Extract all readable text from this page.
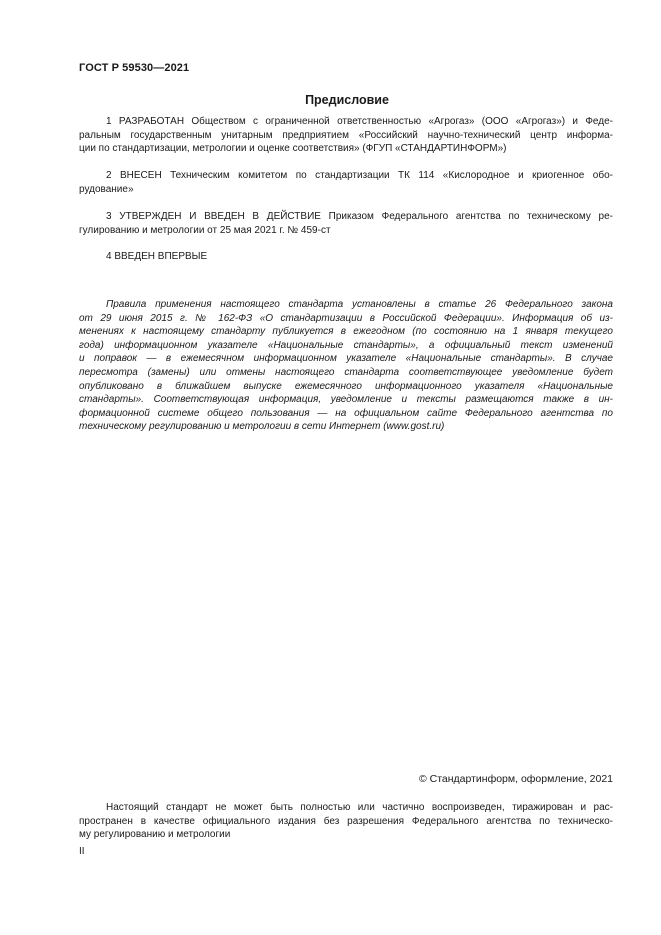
ГОСТ Р 59530—2021
Предисловие
1 РАЗРАБОТАН Обществом с ограниченной ответственностью «Агрогаз» (ООО «Агрогаз») и Феде-
ральным государственным унитарным предприятием «Российский научно-технический центр информа-
ции по стандартизации, метрологии и оценке соответствия» (ФГУП «СТАНДАРТИНФОРМ»)
2 ВНЕСЕН Техническим комитетом по стандартизации ТК 114 «Кислородное и криогенное обо-
рудование»
3 УТВЕРЖДЕН И ВВЕДЕН В ДЕЙСТВИЕ Приказом Федерального агентства по техническому ре-
гулированию и метрологии от 25 мая 2021 г. № 459-ст
4 ВВЕДЕН ВПЕРВЫЕ
Правила применения настоящего стандарта установлены в статье 26 Федерального закона
от 29 июня 2015 г. № 162-ФЗ «О стандартизации в Российской Федерации». Информация об из-
менениях к настоящему стандарту публикуется в ежегодном (по состоянию на 1 января текущего
года) информационном указателе «Национальные стандарты», а официальный текст изменений
и поправок — в ежемесячном информационном указателе «Национальные стандарты». В случае
пересмотра (замены) или отмены настоящего стандарта соответствующее уведомление будет
опубликовано в ближайшем выпуске ежемесячного информационного указателя «Национальные
стандарты». Соответствующая информация, уведомление и тексты размещаются также в ин-
формационной системе общего пользования — на официальном сайте Федерального агентства по
техническому регулированию и метрологии в сети Интернет (www.gost.ru)
© Стандартинформ, оформление, 2021
Настоящий стандарт не может быть полностью или частично воспроизведен, тиражирован и рас-
пространен в качестве официального издания без разрешения Федерального агентства по техническо-
му регулированию и метрологии
II
